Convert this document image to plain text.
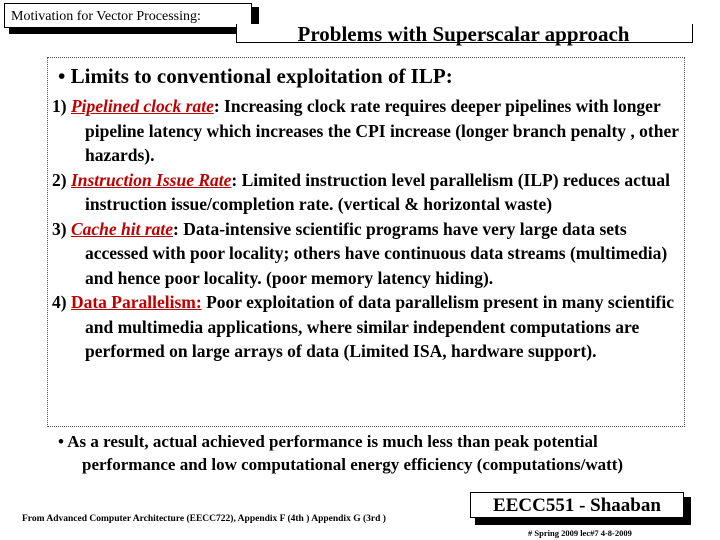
Motivation for Vector Processing:
Problems with Superscalar approach
• Limits to conventional exploitation of ILP:

1) Pipelined clock rate: Increasing clock rate requires deeper pipelines with longer pipeline latency which increases the CPI increase (longer branch penalty , other hazards).

2) Instruction Issue Rate: Limited instruction level parallelism (ILP) reduces actual instruction issue/completion rate. (vertical & horizontal waste)

3) Cache hit rate: Data-intensive scientific programs have very large data sets accessed with poor locality; others have continuous data streams (multimedia) and hence poor locality. (poor memory latency hiding).

4) Data Parallelism: Poor exploitation of data parallelism present in many scientific and multimedia applications, where similar independent computations are performed on large arrays of data (Limited ISA, hardware support).

• As a result, actual achieved performance is much less than peak potential performance and low computational energy efficiency (computations/watt)
From Advanced Computer Architecture (EECC722), Appendix F (4th ) Appendix G (3rd )
EECC551 - Shaaban
# Spring 2009 lec#7 4-8-2009
